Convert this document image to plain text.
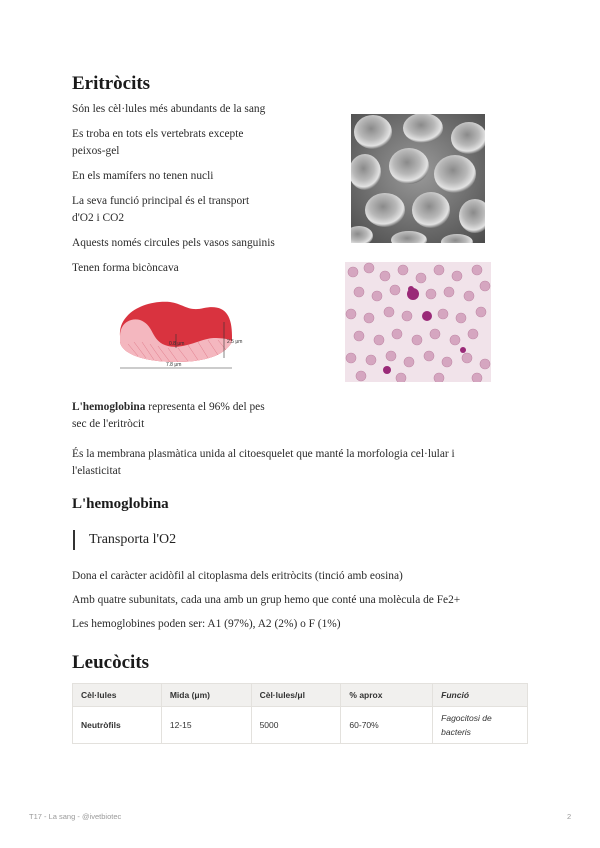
Eritròcits
Són les cèl·lules més abundants de la sang
Es troba en tots els vertebrats excepte
peixos-gel
En els mamífers no tenen nucli
La seva funció principal és el transport
d'O2 i CO2
Aquests només circules pels vasos sanguinis
Tenen forma bicòncava
0.8 μm	2.5 μm
7.8 μm
L'hemoglobina representa el 96% del pes
sec de l'eritròcit
És la membrana plasmàtica unida al citoesquelet que manté la morfologia cel·lular i
l'elasticitat
L'hemoglobina
Transporta l'O2
Dona el caràcter acidòfil al citoplasma dels eritròcits (tinció amb eosina)
Amb quatre subunitats, cada una amb un grup hemo que conté una molècula de Fe2+
Les hemoglobines poden ser: A1 (97%), A2 (2%) o F (1%)
Leucòcits
Cèl·lules	Mida (μm)	Cèl·lules/μl	% aprox	Funció
Neutròfils	12-15	5000	60-70%	Fagocitosi de
bacteris
T17 - La sang - @ivetbiotec	2
